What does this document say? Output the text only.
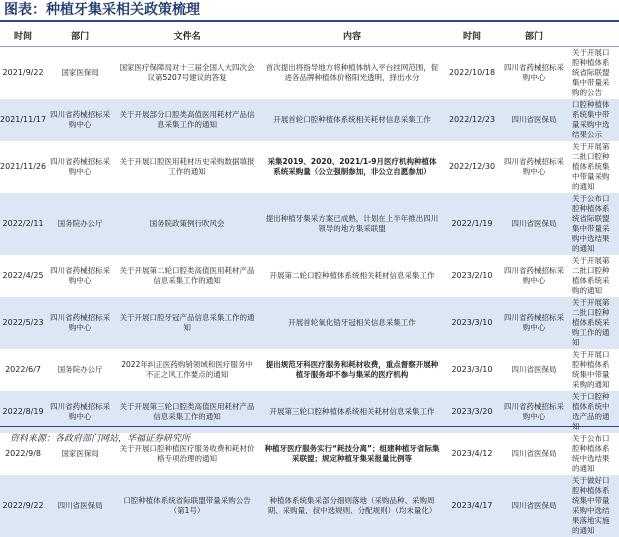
图表：种植牙集采相关政策梳理
时间	部门	文件名	内容	时间	部门	
2021/9/22	国家医保局	国家医疗保障局对十三届全国人大四次会议第5207号建议的答复	首次提出将指导地方将种植体纳入平台挂网范围，促进各品牌种植体价格阳光透明，择出水分	2022/10/18	四川省药械招标采购中心	关于开展口腔种植体系统省际联盟集中带量采购的公告
2021/11/17	四川省药械招标采购中心	关于开展部分口腔类高值医用耗材产品信息采集工作的通知	开展首轮口腔种植体系统相关耗材信息采集工作	2022/12/23	四川省医保局	口腔种植体系统集中带量采购中选结果公示
2021/11/26	四川省药械招标采购中心	关于开展口腔医用耗材历史采购数据填报工作的通知	采集2019、2020、2021/1-9月医疗机构种植体系统采购量（公立强制参加，非公立自愿参加）	2022/12/30	四川省药械招标采购中心	关于开展第二批口腔种植体系统集中带量采购的通知
2022/2/11	国务院办公厅	国务院政策例行吹风会	提出种植牙集采方案已成熟，计划在上半年推出四川领导的地方集采联盟	2022/1/19	四川省医保局	关于公布口腔种植体系统省际联盟集中带量采购中选结果的通知
2022/4/25	四川省药械招标采购中心	关于开展第二轮口腔类高值医用耗材产品信息采集工作的通知	开展第二轮口腔种植体系统相关耗材信息采集工作	2023/2/10	四川省药械招标采购中心	关于开展第二批口腔种植体系统采购的通知
2022/5/23	四川省药械招标采购中心	关于开展口腔牙冠产品信息采集工作的通知	开展首轮氧化锆牙冠相关信息采集工作	2023/3/10	四川省药械招标采购中心	关于开展第二批口腔种植体系统采购工作的通知
2022/6/7	国务院办公厅	2022年纠正医药购销领域和医疗服务中不正之风工作要点的通知	提出规范牙科医疗服务和耗材收费，重点督察开展种植牙服务却不参与集采的医疗机构	2023/3/10	四川省医保局	关于开展口腔种植体系统集中带量采购的通知
2022/8/19	四川省药械招标采购中心	关于开展第三轮口腔类高值医用耗材产品信息采集工作的通知	开展第三轮口腔种植体系统相关耗材信息采集工作	2023/3/20	四川省药械招标采购中心	关于口腔种植体系统中选产品的通
2022/9/8	国家医保局	关于开展口腔种植医疗服务收费和耗材价格专项治理的通知	种植牙医疗服务实行“耗技分离”；组建种植牙省际集采联盟；规定种植牙集采报量比例等	2023/4/12	四川省医保局	关于公布口腔种植体系统中选结果的通知
2022/9/22	四川省医保局	口腔种植体系统省际联盟带量采购公告（第1号）	种植体系统集采部分细则落地（采购品种、采购周期、采购量、叔中选规则、分配规则）（均未量化）	2023/4/17	四川省医保局	关于做好口腔种植体系统集中带量采购中选结果落地实施的通知
资料来源：各政府部门网站，华福证券研究所
